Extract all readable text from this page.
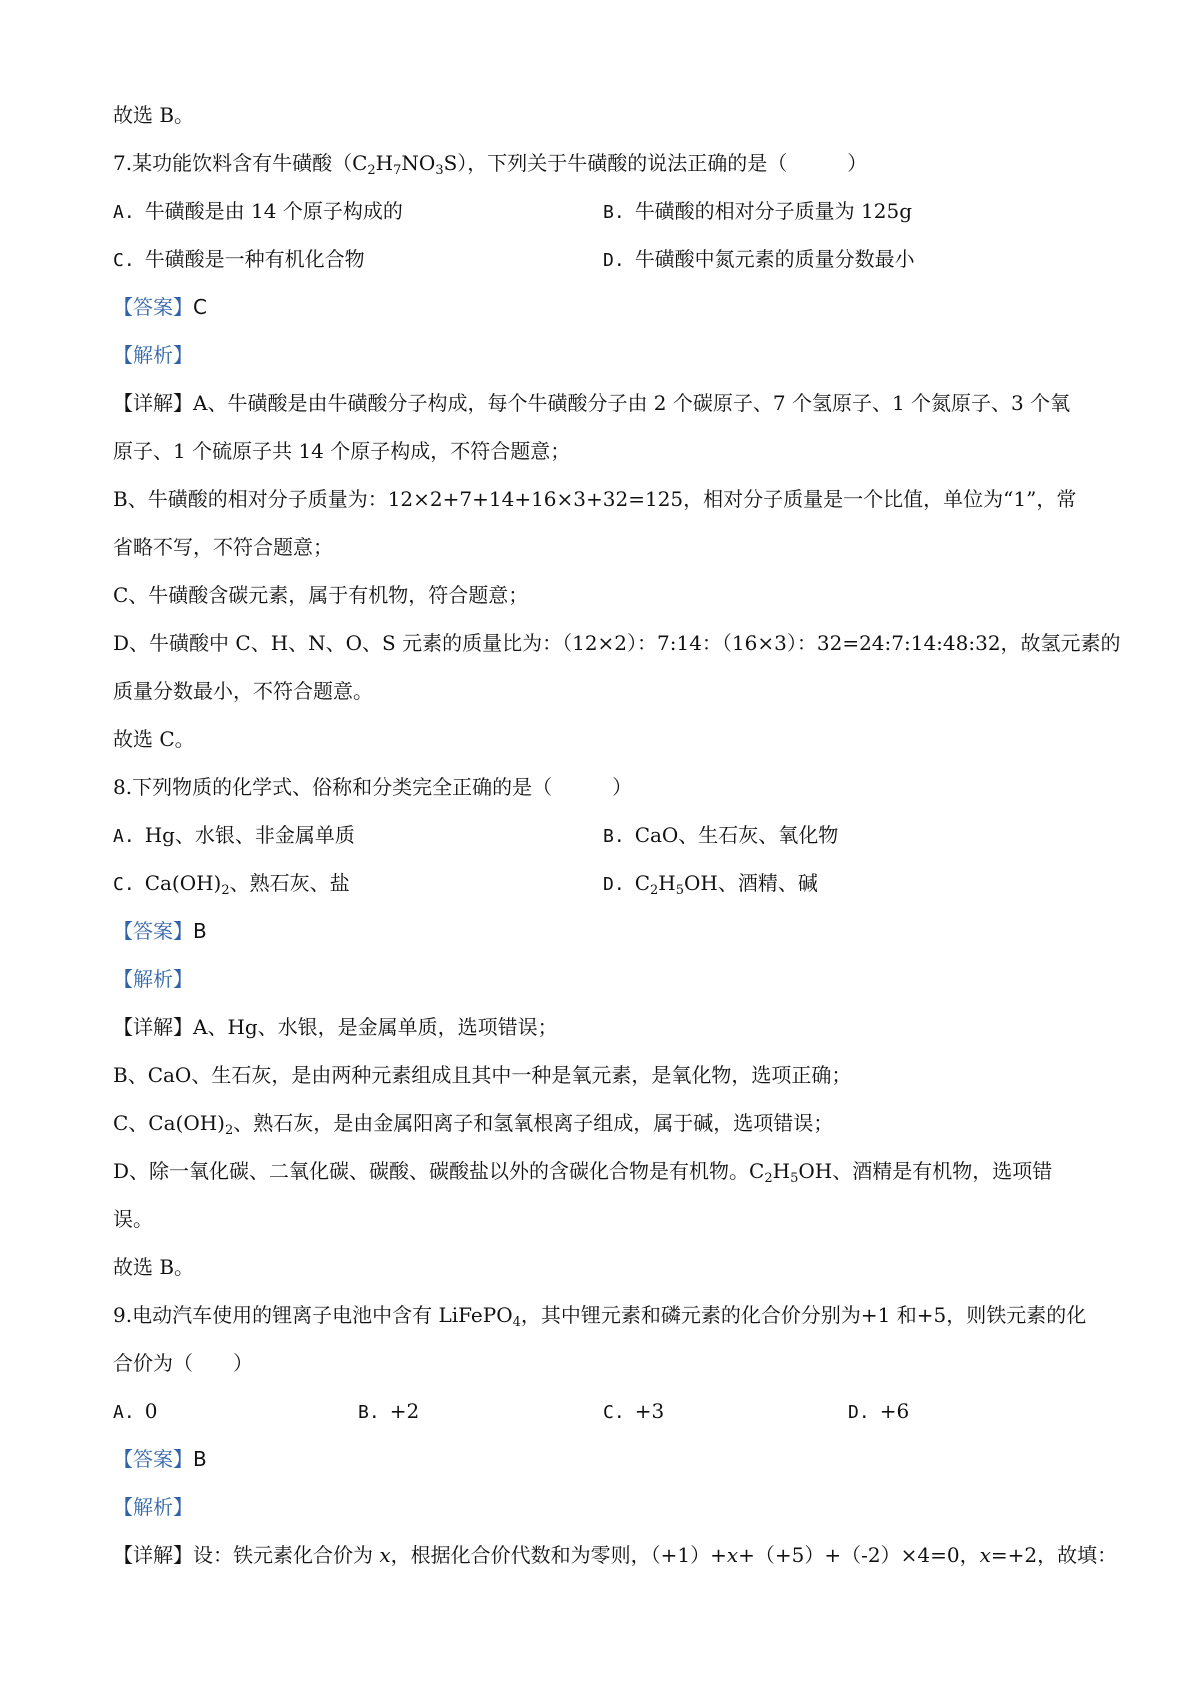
故选 B。
7.某功能饮料含有牛磺酸$(C_2H_7NO_3S)$，下列关于牛磺酸的说法正确的是（　　　）
A. 牛磺酸是由 14 个原子构成的	B. 牛磺酸的相对分子质量为 125g
C. 牛磺酸是一种有机化合物	D. 牛磺酸中氮元素的质量分数最小
【答案】C
【解析】
【详解】A、牛磺酸是由牛磺酸分子构成，每个牛磺酸分子由 2 个碳原子、7 个氢原子、1 个氮原子、3 个氧
原子、1 个硫原子共 14 个原子构成，不符合题意；
B、牛磺酸的相对分子质量为：12×2+7+14+16×3+32=125，相对分子质量是一个比值，单位为“1”，常
省略不写，不符合题意；
C、牛磺酸含碳元素，属于有机物，符合题意；
D、牛磺酸中 C、H、N、O、S 元素的质量比为：（12×2）：7:14：（16×3）：32=24:7:14:48:32，故氢元素的
质量分数最小，不符合题意。
故选 C。
8.下列物质的化学式、俗称和分类完全正确的是（　　　）
A. Hg、水银、非金属单质	B. CaO、生石灰、氧化物
C. $Ca(OH)_2$、熟石灰、盐	D. $C_2H_5OH$、酒精、碱
【答案】B
【解析】
【详解】A、Hg、水银，是金属单质，选项错误；
B、CaO、生石灰，是由两种元素组成且其中一种是氧元素，是氧化物，选项正确；
C、$Ca(OH)_2$、熟石灰，是由金属阳离子和氢氧根离子组成，属于碱，选项错误；
D、除一氧化碳、二氧化碳、碳酸、碳酸盐以外的含碳化合物是有机物。$C_2H_5OH$、酒精是有机物，选项错
误。
故选 B。
9.电动汽车使用的锂离子电池中含有 LiFePO$_4$，其中锂元素和磷元素的化合价分别为+1 和+5，则铁元素的化
合价为（　　）
A. 0	B. +2	C. +3	D. +6
【答案】B
【解析】
【详解】设：铁元素化合价为 x，根据化合价代数和为零则，（+1）+x+（+5）+（-2）×4=0，x=+2，故填：
